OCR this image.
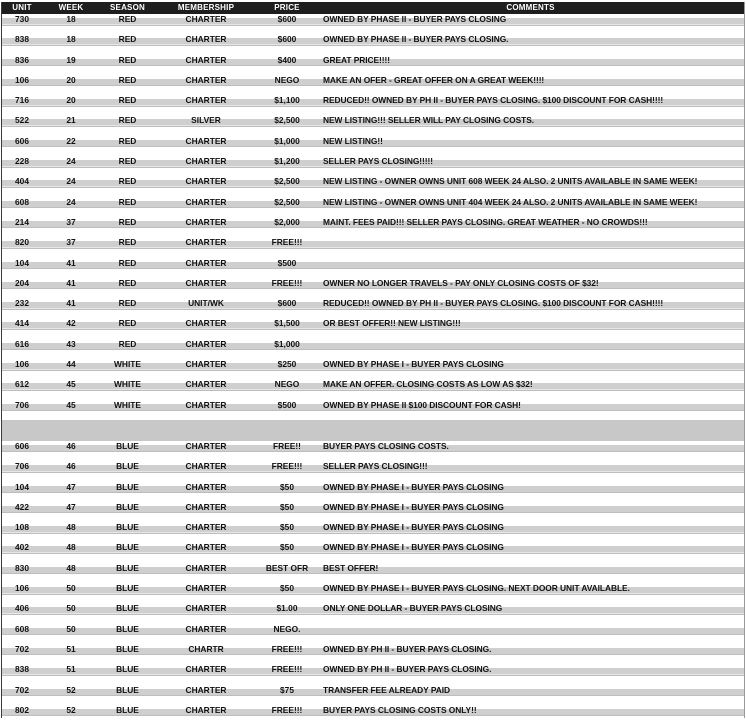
UNIT	WEEK	SEASON	MEMBERSHIP	PRICE	COMMENTS
730	18	RED	CHARTER	$600	OWNED BY PHASE II - BUYER PAYS CLOSING
838	18	RED	CHARTER	$600	OWNED BY PHASE II - BUYER PAYS CLOSING.
836	19	RED	CHARTER	$400	GREAT PRICE!!!!
106	20	RED	CHARTER	NEGO	MAKE AN OFER - GREAT OFFER ON A GREAT WEEK!!!!
716	20	RED	CHARTER	$1,100	REDUCED!! OWNED BY PH II - BUYER PAYS CLOSING. $100 DISCOUNT FOR CASH!!!!
522	21	RED	SILVER	$2,500	NEW LISTING!!! SELLER WILL PAY CLOSING COSTS.
606	22	RED	CHARTER	$1,000	NEW LISTING!!
228	24	RED	CHARTER	$1,200	SELLER PAYS CLOSING!!!!!
404	24	RED	CHARTER	$2,500	NEW LISTING - OWNER OWNS UNIT 608 WEEK 24 ALSO. 2 UNITS AVAILABLE IN SAME WEEK!
608	24	RED	CHARTER	$2,500	NEW LISTING - OWNER OWNS UNIT 404 WEEK 24 ALSO. 2 UNITS AVAILABLE IN SAME WEEK!
214	37	RED	CHARTER	$2,000	MAINT. FEES PAID!!! SELLER PAYS CLOSING. GREAT WEATHER - NO CROWDS!!!
820	37	RED	CHARTER	FREE!!!
104	41	RED	CHARTER	$500
204	41	RED	CHARTER	FREE!!!	OWNER NO LONGER TRAVELS - PAY ONLY CLOSING COSTS OF $32!
232	41	RED	UNIT/WK	$600	REDUCED!! OWNED BY PH II - BUYER PAYS CLOSING. $100 DISCOUNT FOR CASH!!!!
414	42	RED	CHARTER	$1,500	OR BEST OFFER!! NEW LISTING!!!
616	43	RED	CHARTER	$1,000
106	44	WHITE	CHARTER	$250	OWNED BY PHASE I - BUYER PAYS CLOSING
612	45	WHITE	CHARTER	NEGO	MAKE AN OFFER. CLOSING COSTS AS LOW AS $32!
706	45	WHITE	CHARTER	$500	OWNED BY PHASE II $100 DISCOUNT FOR CASH!
606	46	BLUE	CHARTER	FREE!!	BUYER PAYS CLOSING COSTS.
706	46	BLUE	CHARTER	FREE!!!	SELLER PAYS CLOSING!!!
104	47	BLUE	CHARTER	$50	OWNED BY PHASE I - BUYER PAYS CLOSING
422	47	BLUE	CHARTER	$50	OWNED BY PHASE I - BUYER PAYS CLOSING
108	48	BLUE	CHARTER	$50	OWNED BY PHASE I - BUYER PAYS CLOSING
402	48	BLUE	CHARTER	$50	OWNED BY PHASE I - BUYER PAYS CLOSING
830	48	BLUE	CHARTER	BEST OFR	BEST OFFER!
106	50	BLUE	CHARTER	$50	OWNED BY PHASE I - BUYER PAYS CLOSING. NEXT DOOR UNIT AVAILABLE.
406	50	BLUE	CHARTER	$1.00	ONLY ONE DOLLAR - BUYER PAYS CLOSING
608	50	BLUE	CHARTER	NEGO.
702	51	BLUE	CHARTR	FREE!!!	OWNED BY PH II - BUYER PAYS CLOSING.
838	51	BLUE	CHARTER	FREE!!!	OWNED BY PH II - BUYER PAYS CLOSING.
702	52	BLUE	CHARTER	$75	TRANSFER FEE ALREADY PAID
802	52	BLUE	CHARTER	FREE!!!	BUYER PAYS CLOSING COSTS ONLY!!
